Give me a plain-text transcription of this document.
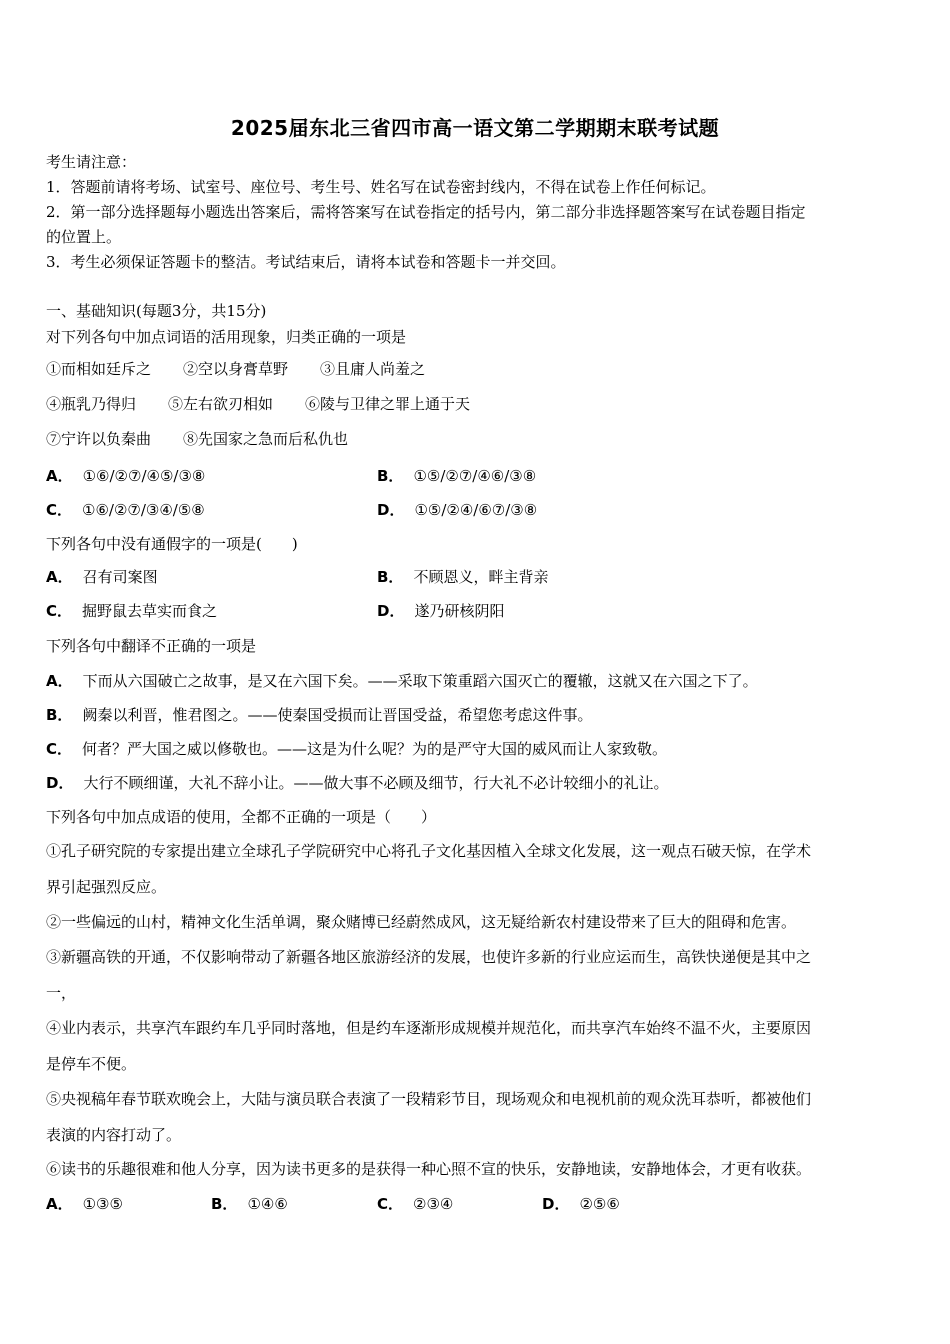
2025届东北三省四市高一语文第二学期期末联考试题
考生请注意：
1．答题前请将考场、试室号、座位号、考生号、姓名写在试卷密封线内，不得在试卷上作任何标记。
2．第一部分选择题每小题选出答案后，需将答案写在试卷指定的括号内，第二部分非选择题答案写在试卷题目指定
的位置上。
3．考生必须保证答题卡的整洁。考试结束后，请将本试卷和答题卡一并交回。
一、基础知识(每题3分，共15分)
对下列各句中加点词语的活用现象，归类正确的一项是
①而相如廷斥之 ②空以身膏草野 ③且庸人尚羞之
④瓶乳乃得归 ⑤左右欲刃相如 ⑥陵与卫律之罪上通于天
⑦宁许以负秦曲 ⑧先国家之急而后私仇也
A． ①⑥/②⑦/④⑤/③⑧	B． ①⑤/②⑦/④⑥/③⑧
C． ①⑥/②⑦/③④/⑤⑧	D． ①⑤/②④/⑥⑦/③⑧
下列各句中没有通假字的一项是(　　)
A． 召有司案图	B． 不顾恩义，畔主背亲
C． 掘野鼠去草实而食之	D． 遂乃研核阴阳
下列各句中翻译不正确的一项是
A． 下而从六国破亡之故事，是又在六国下矣。——采取下策重蹈六国灭亡的覆辙，这就又在六国之下了。
B． 阙秦以利晋，惟君图之。——使秦国受损而让晋国受益，希望您考虑这件事。
C． 何者？严大国之威以修敬也。——这是为什么呢？为的是严守大国的威风而让人家致敬。
D． 大行不顾细谨，大礼不辞小让。——做大事不必顾及细节，行大礼不必计较细小的礼让。
下列各句中加点成语的使用，全都不正确的一项是（　　）
①孔子研究院的专家提出建立全球孔子学院研究中心将孔子文化基因植入全球文化发展，这一观点石破天惊，在学术
界引起强烈反应。
②一些偏远的山村，精神文化生活单调，聚众赌博已经蔚然成风，这无疑给新农村建设带来了巨大的阻碍和危害。
③新疆高铁的开通，不仅影响带动了新疆各地区旅游经济的发展，也使许多新的行业应运而生，高铁快递便是其中之
一，
④业内表示，共享汽车跟约车几乎同时落地，但是约车逐渐形成规模并规范化，而共享汽车始终不温不火，主要原因
是停车不便。
⑤央视稿年春节联欢晚会上，大陆与演员联合表演了一段精彩节目，现场观众和电视机前的观众洗耳恭听，都被他们
表演的内容打动了。
⑥读书的乐趣很难和他人分享，因为读书更多的是获得一种心照不宣的快乐，安静地读，安静地体会，才更有收获。
A． ①③⑤	B． ①④⑥	C． ②③④	D． ②⑤⑥
